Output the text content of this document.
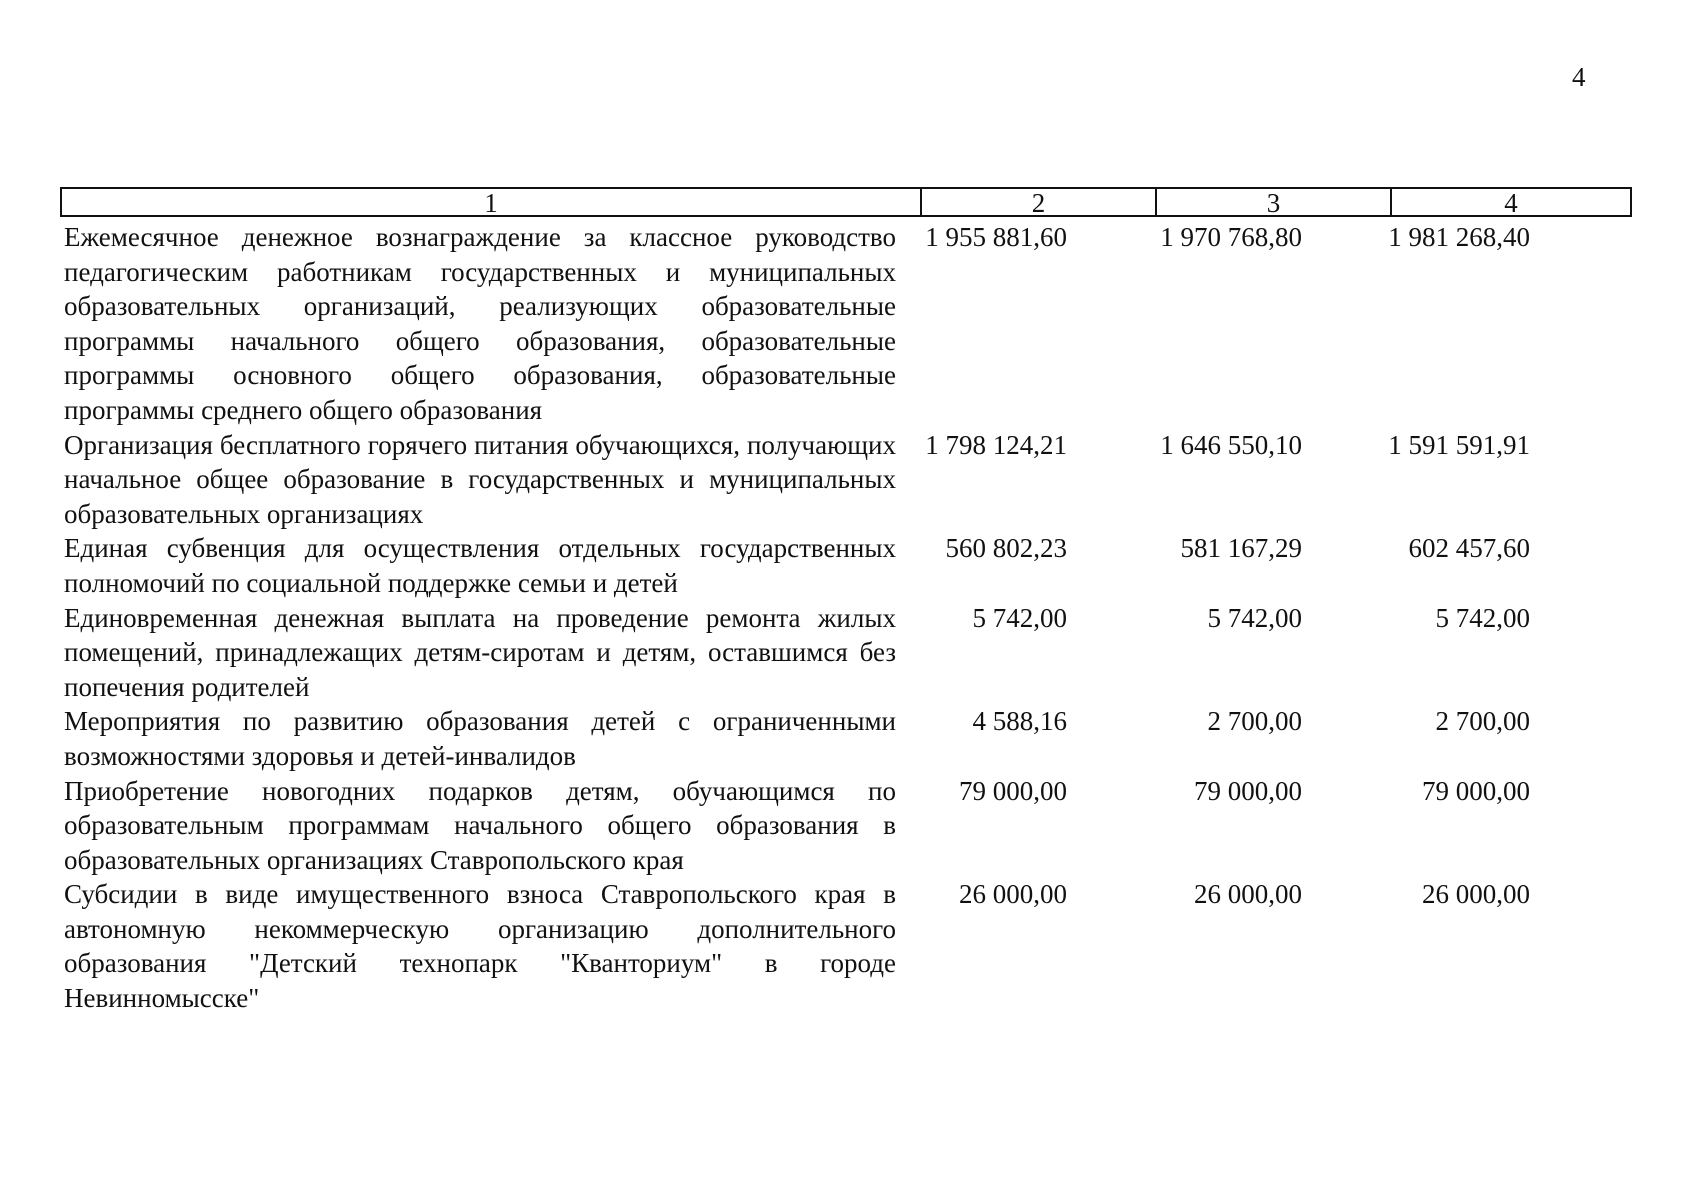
4
1	2	3	4
Ежемесячное денежное вознаграждение за классное руководство педагогическим работникам государственных и муниципальных образовательных организаций, реализующих образовательные программы начального общего образования, образовательные программы основного общего образования, образовательные программы среднего общего образования
1 955 881,60	1 970 768,80	1 981 268,40
Организация бесплатного горячего питания обучающихся, получающих начальное общее образование в государственных и муниципальных образовательных организациях
1 798 124,21	1 646 550,10	1 591 591,91
Единая субвенция для осуществления отдельных государственных полномочий по социальной поддержке семьи и детей
560 802,23	581 167,29	602 457,60
Единовременная денежная выплата на проведение ремонта жилых помещений, принадлежащих детям-сиротам и детям, оставшимся без попечения родителей
5 742,00	5 742,00	5 742,00
Мероприятия по развитию образования детей с ограниченными возможностями здоровья и детей-инвалидов
4 588,16	2 700,00	2 700,00
Приобретение новогодних подарков детям, обучающимся по образовательным программам начального общего образования в образовательных организациях Ставропольского края
79 000,00	79 000,00	79 000,00
Субсидии в виде имущественного взноса Ставропольского края в автономную некоммерческую организацию дополнительного образования "Детский технопарк "Кванториум" в городе Невинномысске"
26 000,00	26 000,00	26 000,00
